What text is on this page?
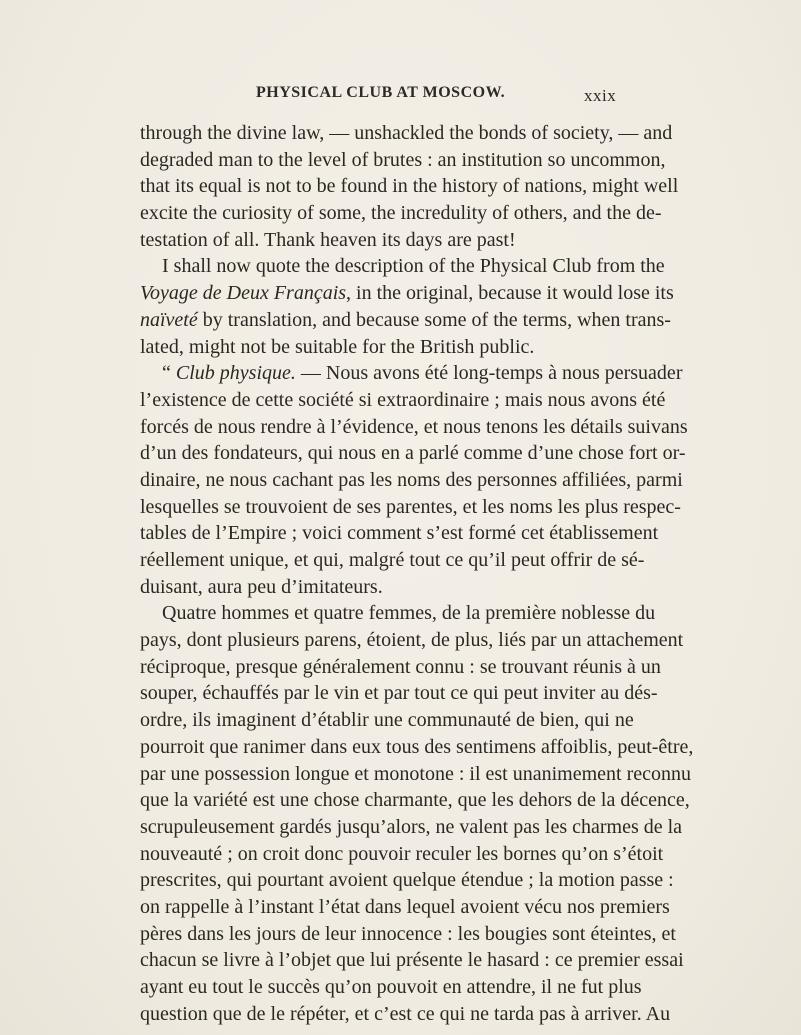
PHYSICAL CLUB AT MOSCOW.	xxix
through the divine law, — unshackled the bonds of society, — and
degraded man to the level of brutes : an institution so uncommon,
that its equal is not to be found in the history of nations, might well
excite the curiosity of some, the incredulity of others, and the de-
testation of all. Thank heaven its days are past!
I shall now quote the description of the Physical Club from the
Voyage de Deux Français, in the original, because it would lose its
naïveté by translation, and because some of the terms, when trans-
lated, might not be suitable for the British public.
“ Club physique. — Nous avons été long-temps à nous persuader
l’existence de cette société si extraordinaire ; mais nous avons été
forcés de nous rendre à l’évidence, et nous tenons les détails suivans
d’un des fondateurs, qui nous en a parlé comme d’une chose fort or-
dinaire, ne nous cachant pas les noms des personnes affiliées, parmi
lesquelles se trouvoient de ses parentes, et les noms les plus respec-
tables de l’Empire ; voici comment s’est formé cet établissement
réellement unique, et qui, malgré tout ce qu’il peut offrir de sé-
duisant, aura peu d’imitateurs.
Quatre hommes et quatre femmes, de la première noblesse du
pays, dont plusieurs parens, étoient, de plus, liés par un attachement
réciproque, presque généralement connu : se trouvant réunis à un
souper, échauffés par le vin et par tout ce qui peut inviter au dés-
ordre, ils imaginent d’établir une communauté de bien, qui ne
pourroit que ranimer dans eux tous des sentimens affoiblis, peut-être,
par une possession longue et monotone : il est unanimement reconnu
que la variété est une chose charmante, que les dehors de la décence,
scrupuleusement gardés jusqu’alors, ne valent pas les charmes de la
nouveauté ; on croit donc pouvoir reculer les bornes qu’on s’étoit
prescrites, qui pourtant avoient quelque étendue ; la motion passe :
on rappelle à l’instant l’état dans lequel avoient vécu nos premiers
pères dans les jours de leur innocence : les bougies sont éteintes, et
chacun se livre à l’objet que lui présente le hasard : ce premier essai
ayant eu tout le succès qu’on pouvoit en attendre, il ne fut plus
question que de le répéter, et c’est ce qui ne tarda pas à arriver. Au
